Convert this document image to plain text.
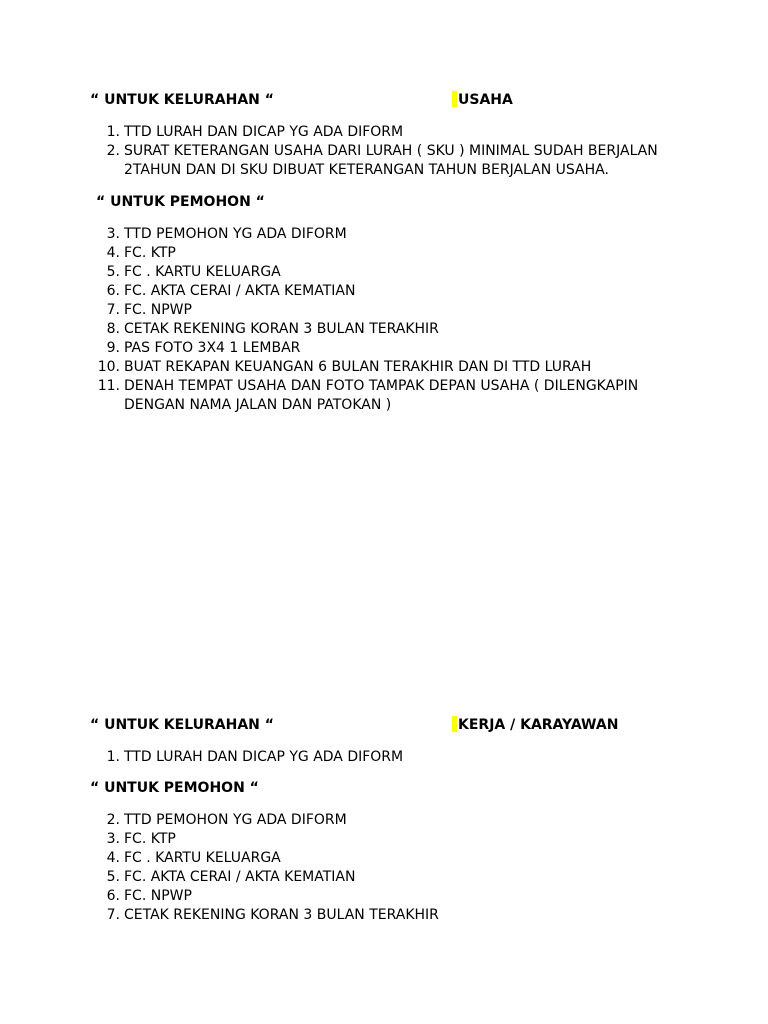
“ UNTUK KELURAHAN “	USAHA
1. TTD LURAH DAN DICAP YG ADA DIFORM
2. SURAT KETERANGAN USAHA DARI LURAH ( SKU ) MINIMAL SUDAH BERJALAN
2TAHUN DAN DI SKU DIBUAT KETERANGAN TAHUN BERJALAN USAHA.
“ UNTUK PEMOHON “
3. TTD PEMOHON YG ADA DIFORM
4. FC. KTP
5. FC . KARTU KELUARGA
6. FC. AKTA CERAI / AKTA KEMATIAN
7. FC. NPWP
8. CETAK REKENING KORAN 3 BULAN TERAKHIR
9. PAS FOTO 3X4 1 LEMBAR
10. BUAT REKAPAN KEUANGAN 6 BULAN TERAKHIR DAN DI TTD LURAH
11. DENAH TEMPAT USAHA DAN FOTO TAMPAK DEPAN USAHA ( DILENGKAPIN
DENGAN NAMA JALAN DAN PATOKAN )
“ UNTUK KELURAHAN “	KERJA / KARAYAWAN
1. TTD LURAH DAN DICAP YG ADA DIFORM
“ UNTUK PEMOHON “
2. TTD PEMOHON YG ADA DIFORM
3. FC. KTP
4. FC . KARTU KELUARGA
5. FC. AKTA CERAI / AKTA KEMATIAN
6. FC. NPWP
7. CETAK REKENING KORAN 3 BULAN TERAKHIR
